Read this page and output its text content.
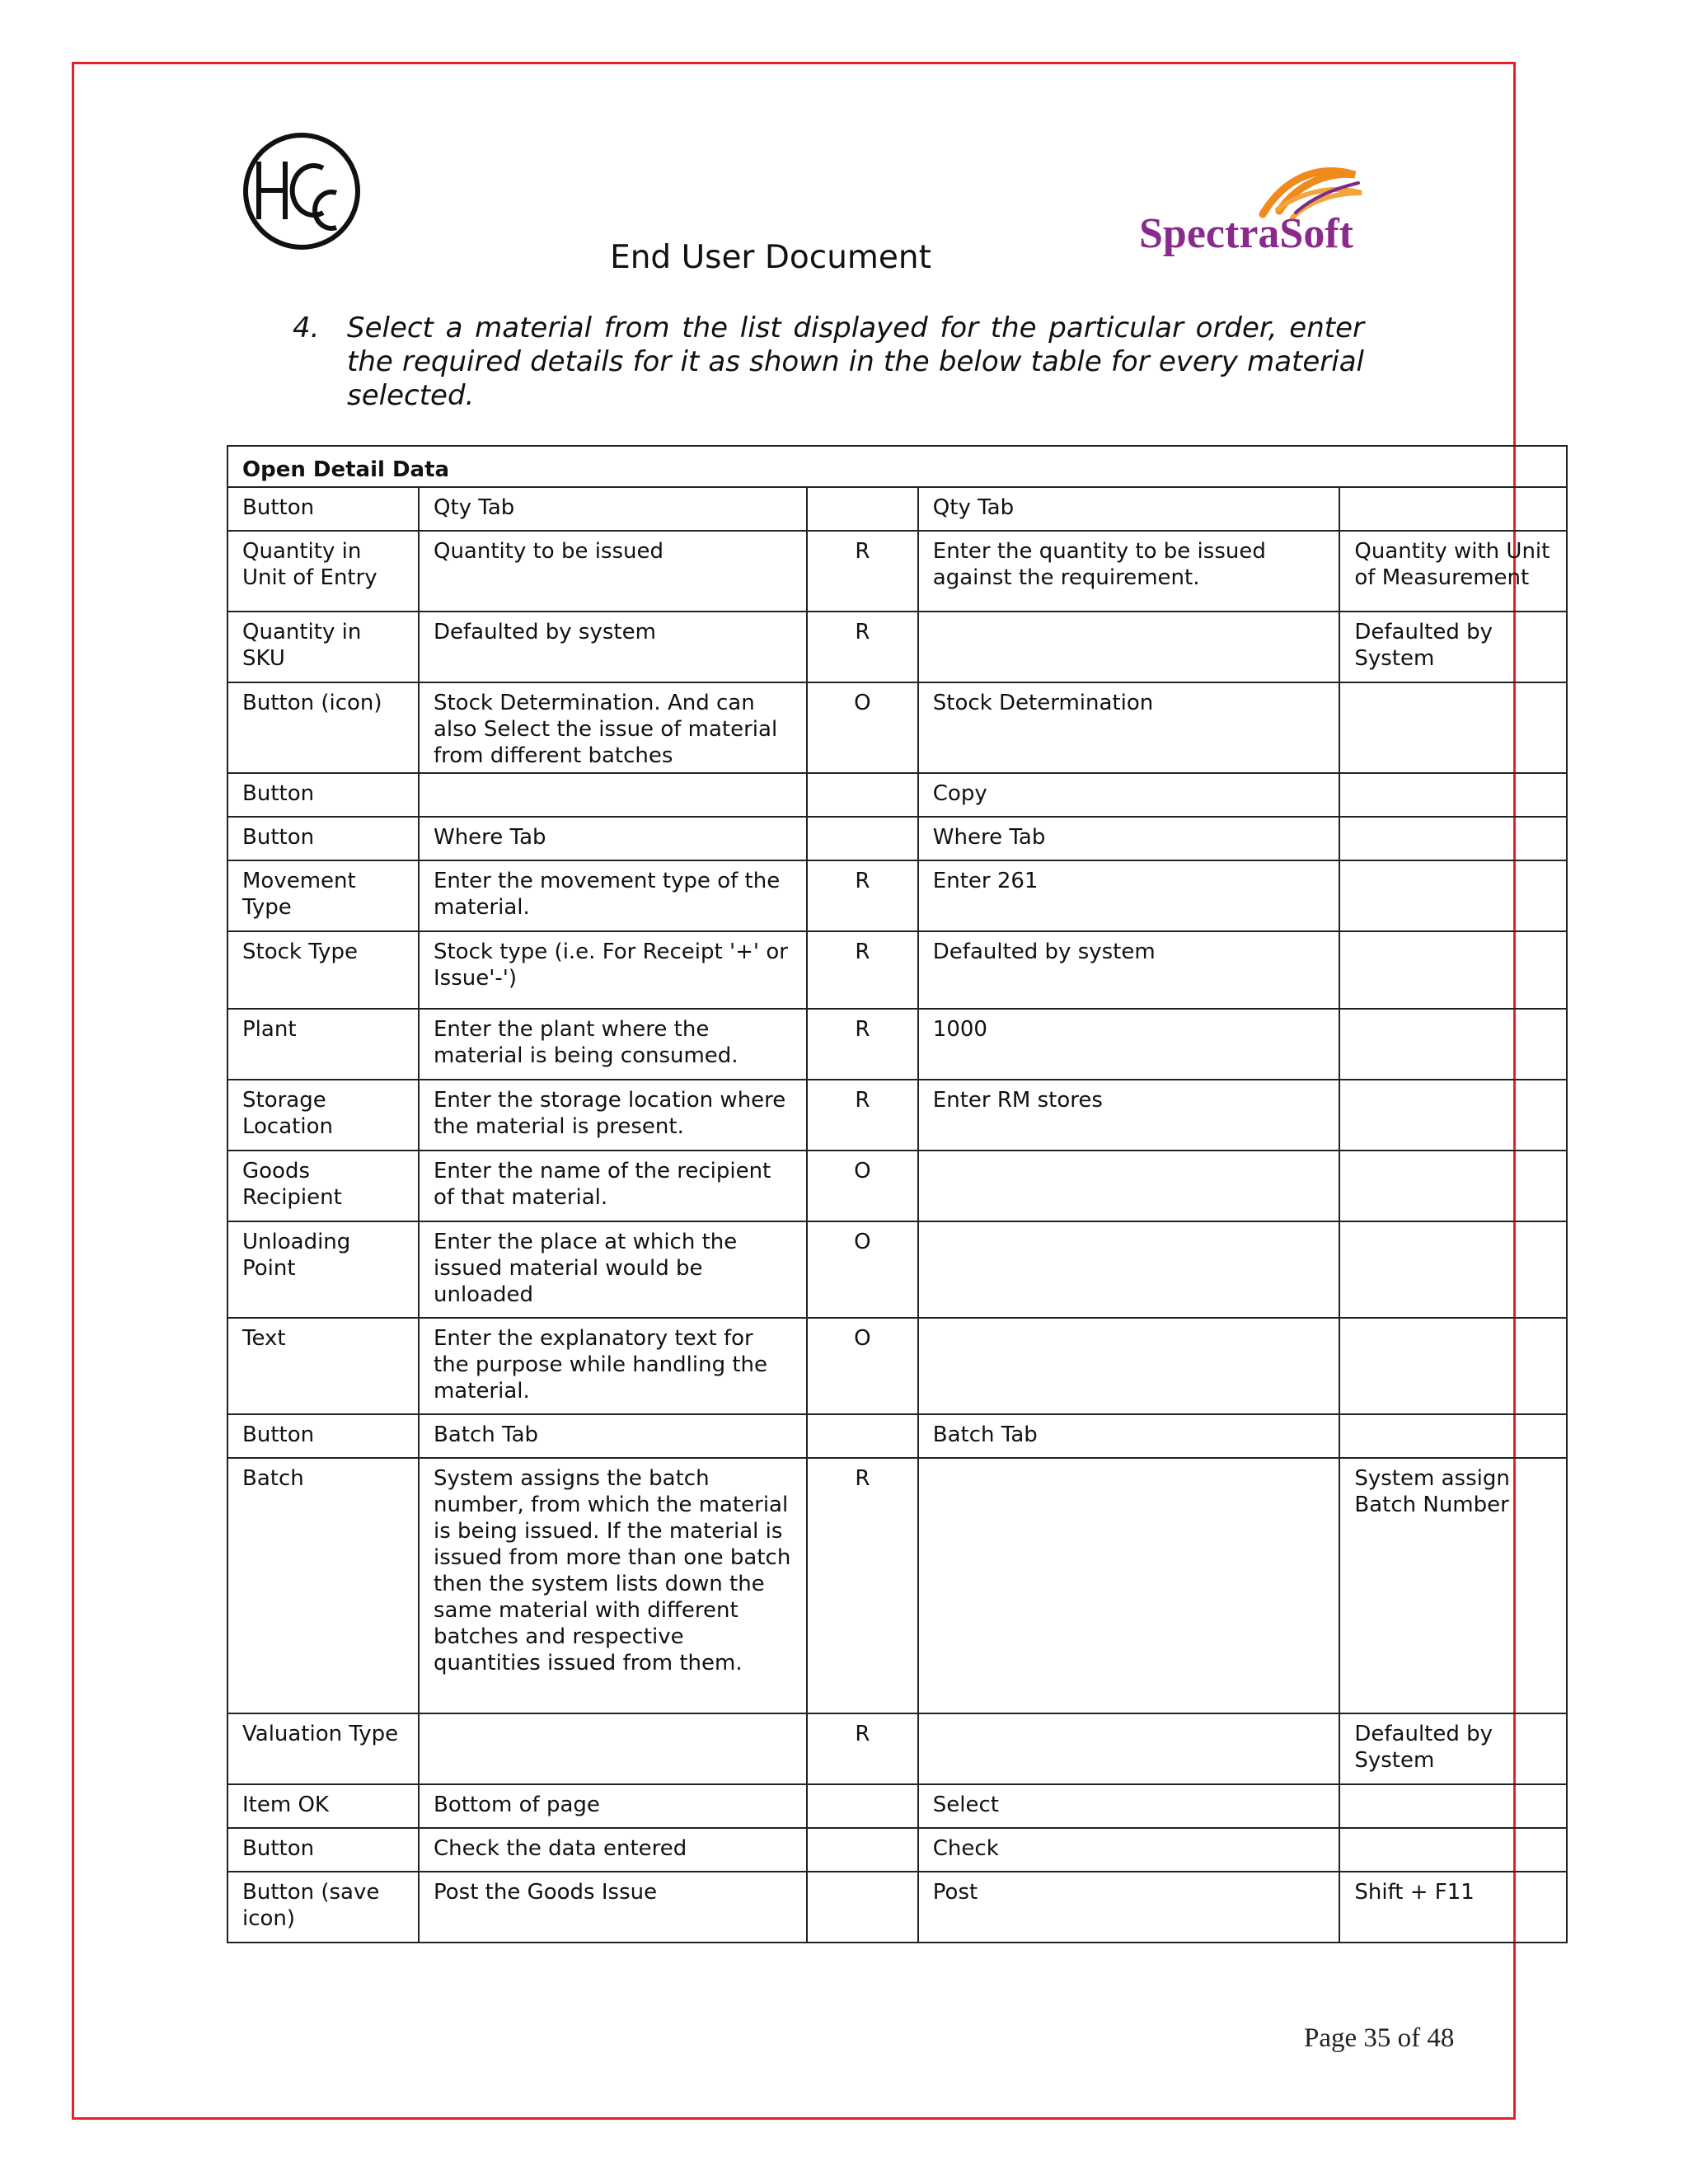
SpectraSoft
End User Document
4. Select a material from the list displayed for the particular order, enter the required details for it as shown in the below table for every material selected.
Open Detail Data				
Button	Qty Tab		Qty Tab	
Quantity in Unit of Entry	Quantity to be issued	R	Enter the quantity to be issued against the requirement.	Quantity with Unit of Measurement
Quantity in SKU	Defaulted by system	R		Defaulted by System
Button (icon)	Stock Determination. And can also Select the issue of material from different batches	O	Stock Determination	
Button			Copy	
Button	Where Tab		Where Tab	
Movement Type	Enter the movement type of the material.	R	Enter 261	
Stock Type	Stock type (i.e. For Receipt '+' or Issue'-')	R	Defaulted by system	
Plant	Enter the plant where the material is being consumed.	R	1000	
Storage Location	Enter the storage location where the material is present.	R	Enter RM stores	
Goods Recipient	Enter the name of the recipient of that material.	O		
Unloading Point	Enter the place at which the issued material would be unloaded	O		
Text	Enter the explanatory text for the purpose while handling the material.	O		
Button	Batch Tab		Batch Tab	
Batch	System assigns the batch number, from which the material is being issued. If the material is issued from more than one batch then the system lists down the same material with different batches and respective quantities issued from them.	R		System assign Batch Number
Valuation Type		R		Defaulted by System
Item OK	Bottom of page		Select	
Button	Check the data entered		Check	
Button (save icon)	Post the Goods Issue		Post	Shift + F11
Page 35 of 48
